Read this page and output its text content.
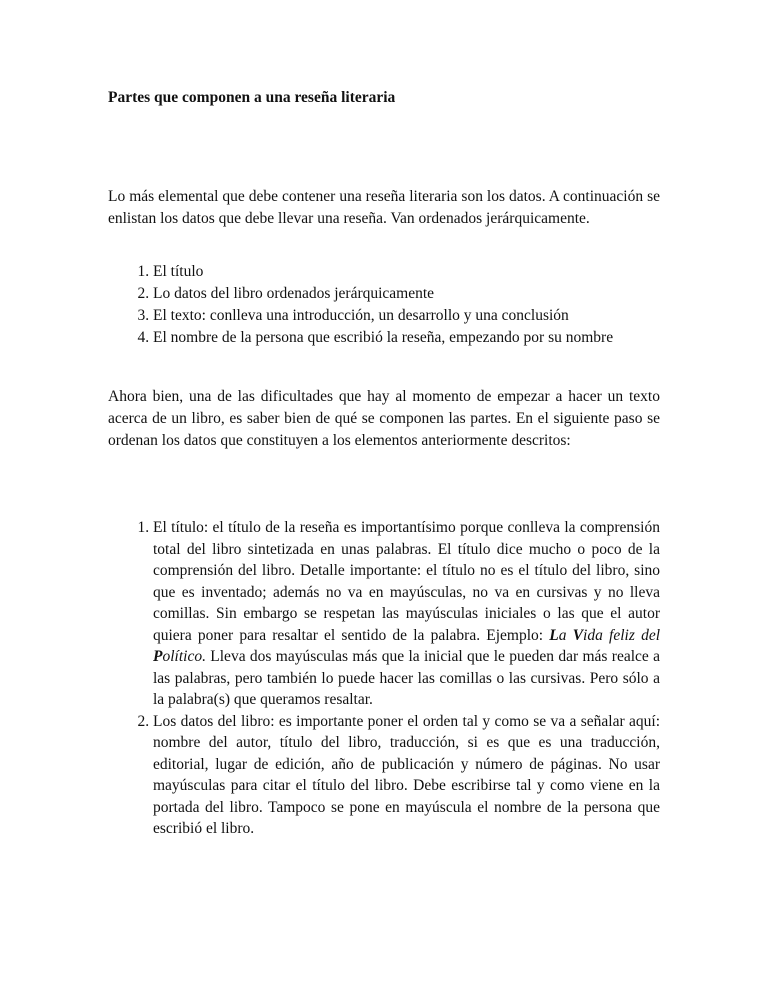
Partes que componen a una reseña literaria

Lo más elemental que debe contener una reseña literaria son los datos. A continuación se enlistan los datos que debe llevar una reseña. Van ordenados jerárquicamente.

1. El título
2. Lo datos del libro ordenados jerárquicamente
3. El texto: conlleva una introducción, un desarrollo y una conclusión
4. El nombre de la persona que escribió la reseña, empezando por su nombre

Ahora bien, una de las dificultades que hay al momento de empezar a hacer un texto acerca de un libro, es saber bien de qué se componen las partes. En el siguiente paso se ordenan los datos que constituyen a los elementos anteriormente descritos:

1. El título: el título de la reseña es importantísimo porque conlleva la comprensión total del libro sintetizada en unas palabras. El título dice mucho o poco de la comprensión del libro. Detalle importante: el título no es el título del libro, sino que es inventado; además no va en mayúsculas, no va en cursivas y no lleva comillas. Sin embargo se respetan las mayúsculas iniciales o las que el autor quiera poner para resaltar el sentido de la palabra. Ejemplo: La Vida feliz del Político. Lleva dos mayúsculas más que la inicial que le pueden dar más realce a las palabras, pero también lo puede hacer las comillas o las cursivas. Pero sólo a la palabra(s) que queramos resaltar.
2. Los datos del libro: es importante poner el orden tal y como se va a señalar aquí: nombre del autor, título del libro, traducción, si es que es una traducción, editorial, lugar de edición, año de publicación y número de páginas. No usar mayúsculas para citar el título del libro. Debe escribirse tal y como viene en la portada del libro. Tampoco se pone en mayúscula el nombre de la persona que escribió el libro.
